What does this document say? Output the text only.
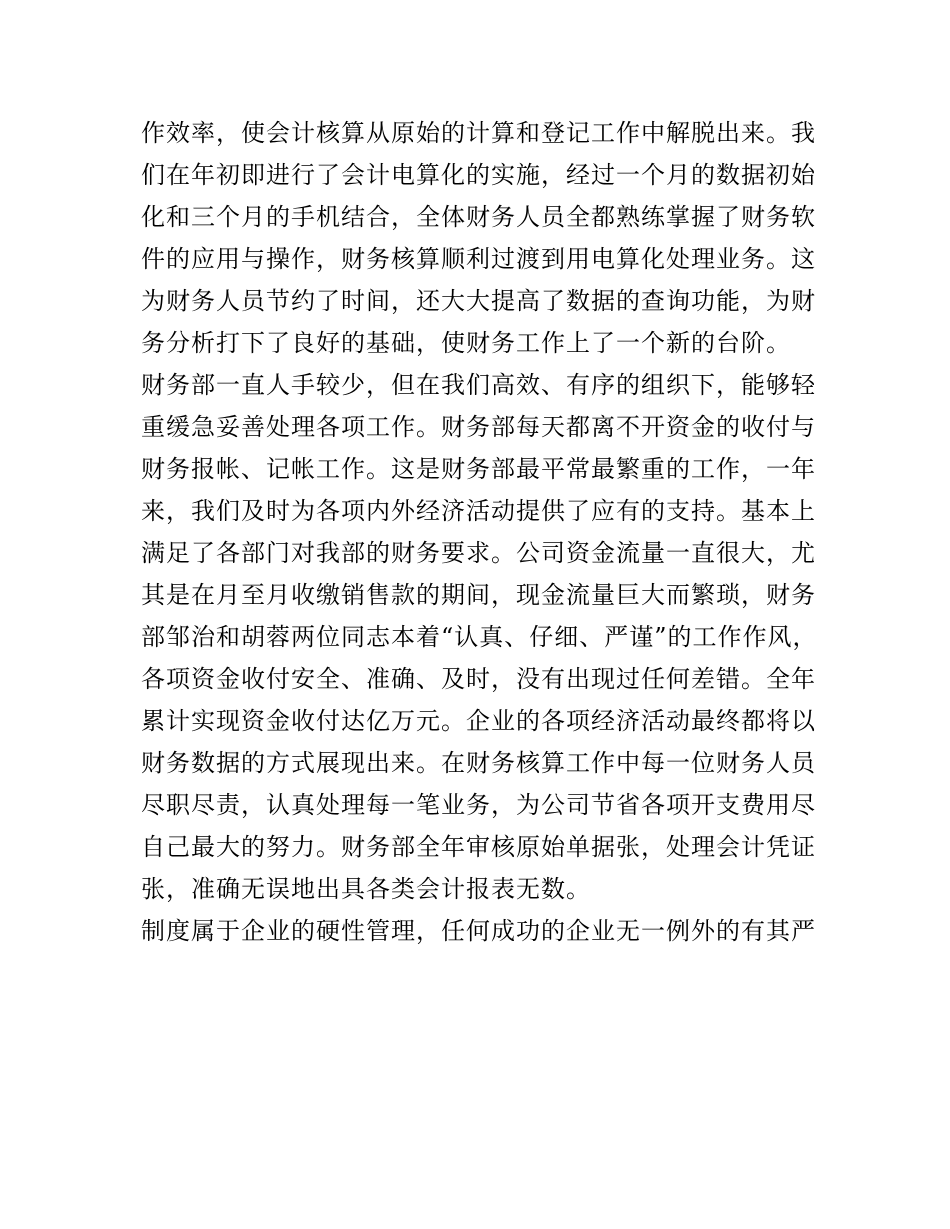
作效率，使会计核算从原始的计算和登记工作中解脱出来。我
们在年初即进行了会计电算化的实施，经过一个月的数据初始
化和三个月的手机结合，全体财务人员全都熟练掌握了财务软
件的应用与操作，财务核算顺利过渡到用电算化处理业务。这
为财务人员节约了时间，还大大提高了数据的查询功能，为财
务分析打下了良好的基础，使财务工作上了一个新的台阶。
财务部一直人手较少，但在我们高效、有序的组织下，能够轻
重缓急妥善处理各项工作。财务部每天都离不开资金的收付与
财务报帐、记帐工作。这是财务部最平常最繁重的工作，一年
来，我们及时为各项内外经济活动提供了应有的支持。基本上
满足了各部门对我部的财务要求。公司资金流量一直很大，尤
其是在月至月收缴销售款的期间，现金流量巨大而繁琐，财务
部邹治和胡蓉两位同志本着“认真、仔细、严谨”的工作作风，
各项资金收付安全、准确、及时，没有出现过任何差错。全年
累计实现资金收付达亿万元。企业的各项经济活动最终都将以
财务数据的方式展现出来。在财务核算工作中每一位财务人员
尽职尽责，认真处理每一笔业务，为公司节省各项开支费用尽
自己最大的努力。财务部全年审核原始单据张，处理会计凭证
张，准确无误地出具各类会计报表无数。
制度属于企业的硬性管理，任何成功的企业无一例外的有其严
